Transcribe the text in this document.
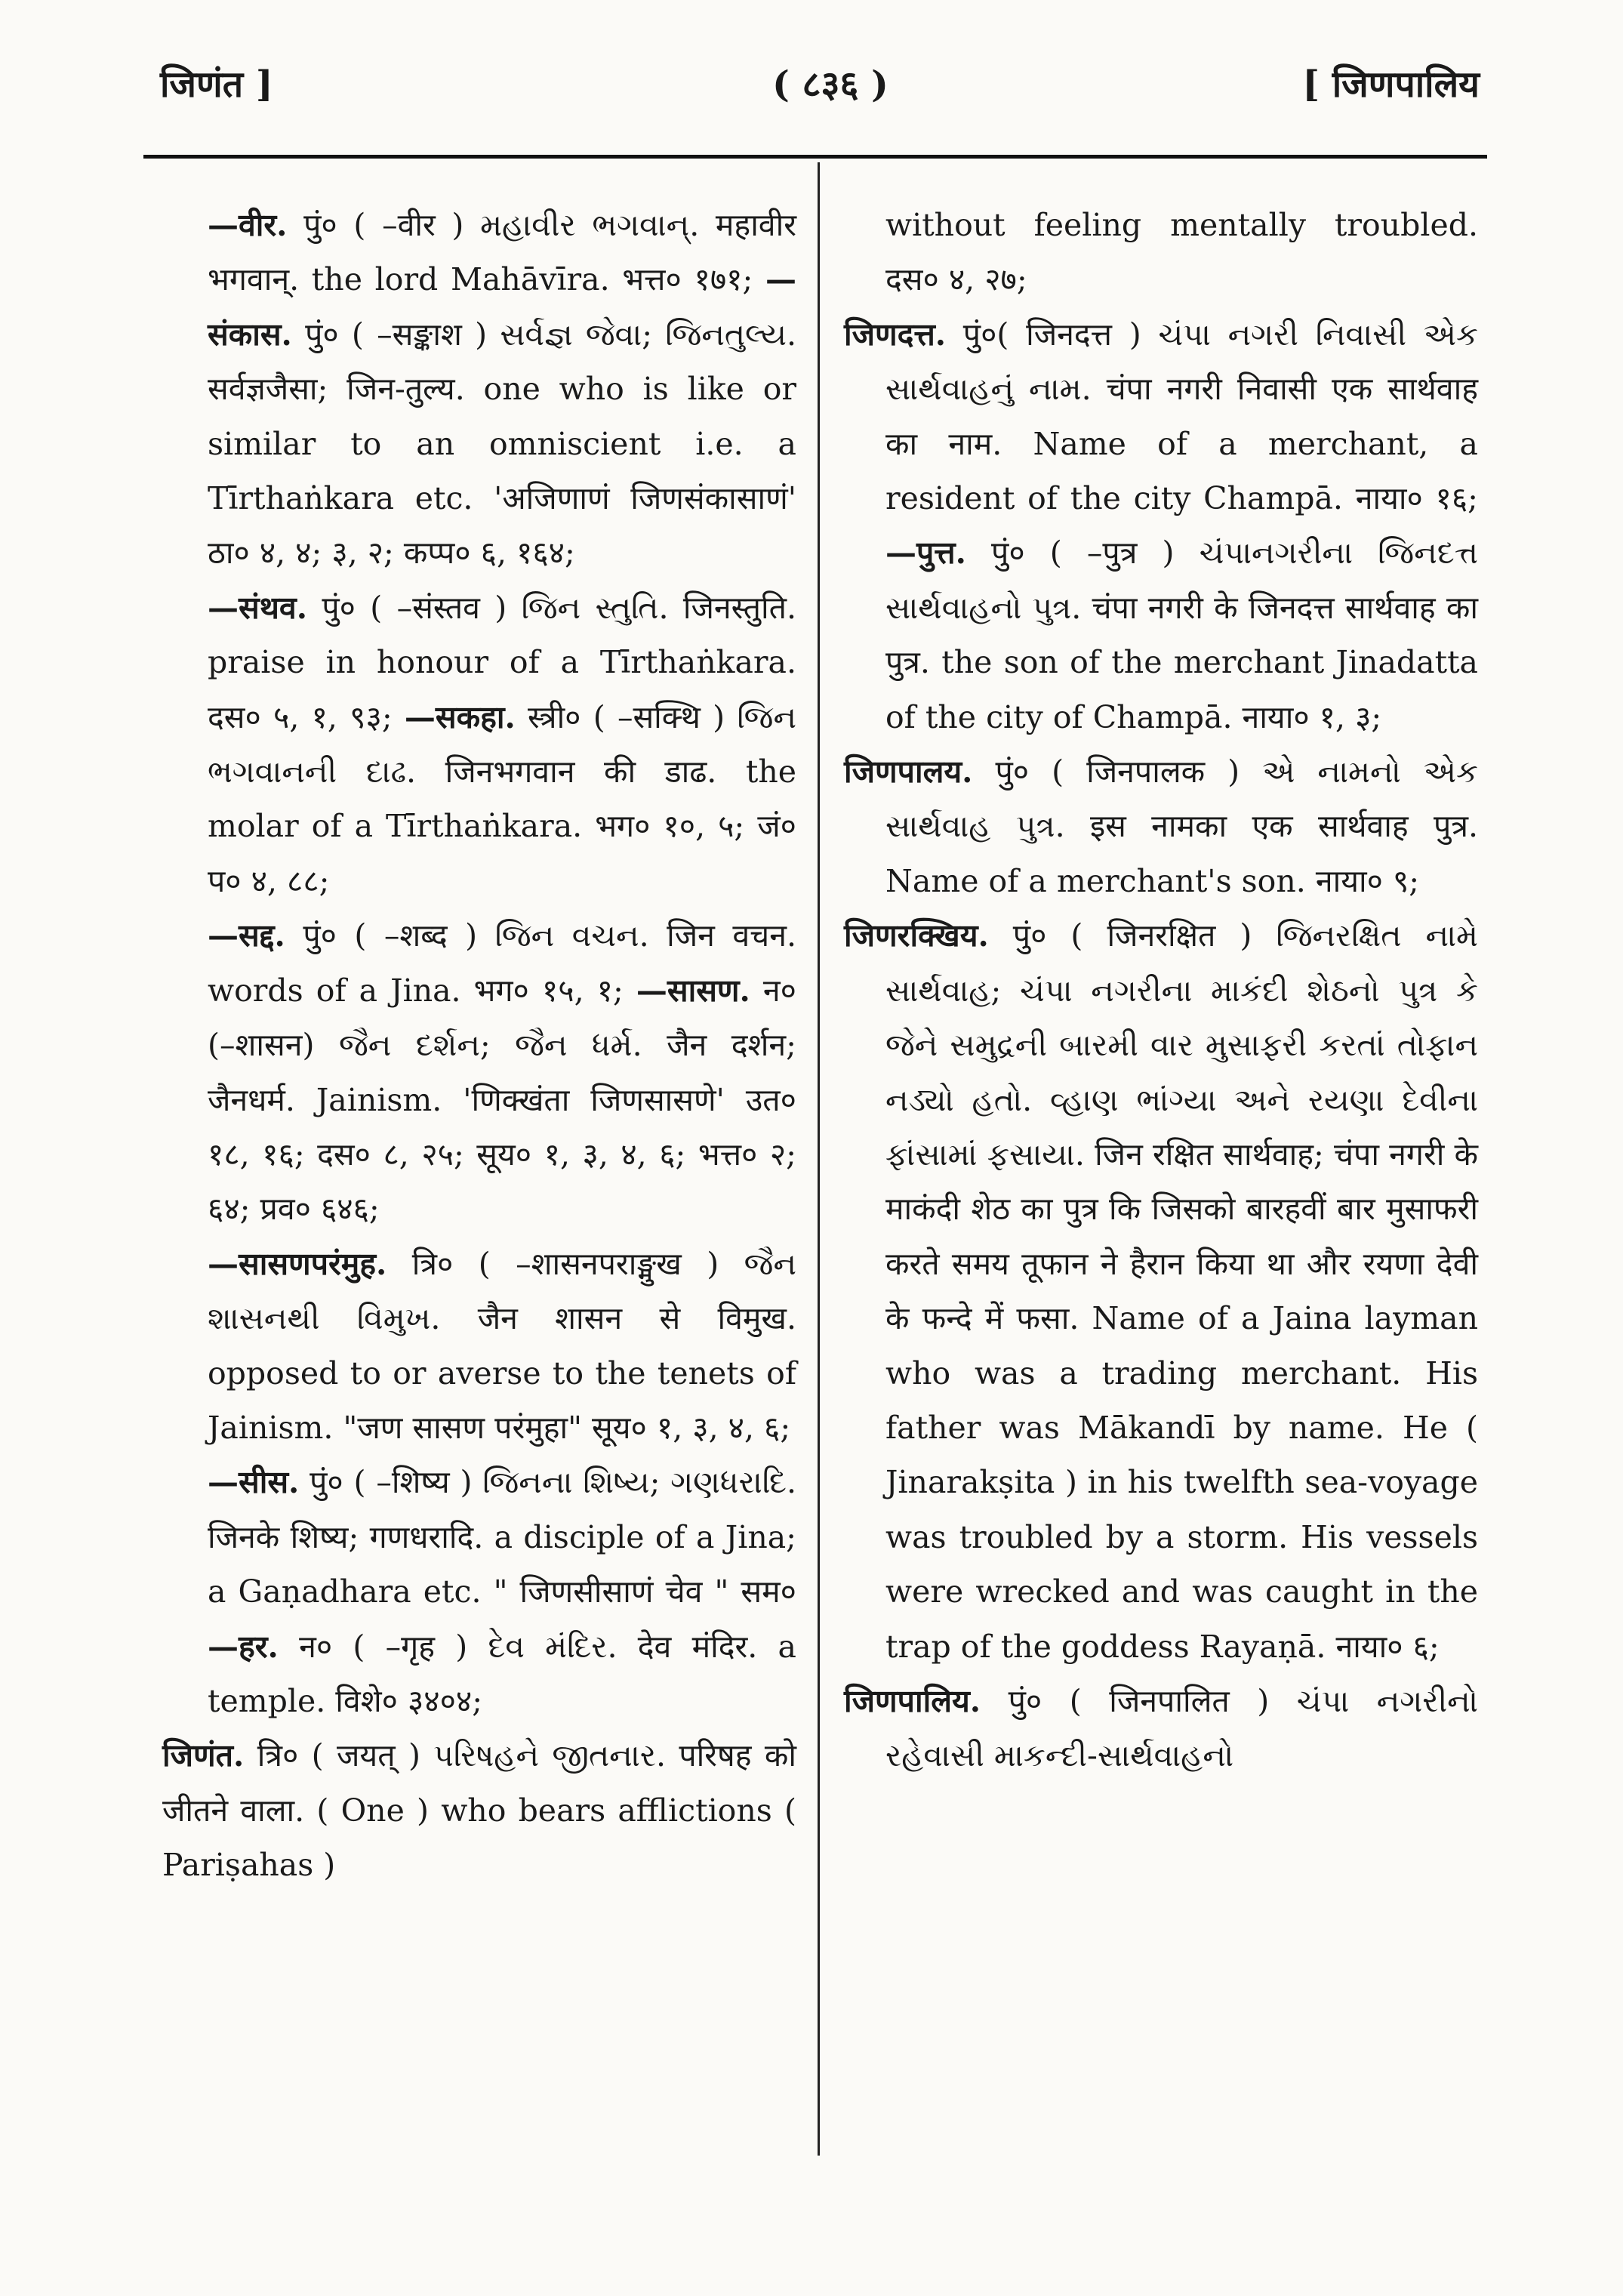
जिणंत ]	( ८३६ )	[ जिणपालिय

—वीर. पुं० ( –वीर ) મહાવીર ભગવાન્. महावीर भगवान्. the lord Mahāvīra. भत्त० १७१; —संकास. पुं० ( –सङ्काश ) સર્વજ્ઞ જેવા; જિનતુલ્ય. सर्वज्ञजैसा; जिन-तुल्य. one who is like or similar to an omniscient i.e. a Tīrthaṅkara etc. 'अजिणाणं जिणसंकासाणं' ठा० ४, ४; ३, २; कप्प० ६, १६४;

—संथव. पुं० ( –संस्तव ) જિન સ્તુતિ. जिनस्तुति. praise in honour of a Tīrthaṅkara. दस० ५, १, ९३; —सकहा. स्त्री० ( –सक्थि ) જિન ભગવાનની દાઢ. जिनभगवान की डाढ. the molar of a Tīrthaṅkara. भग० १०, ५; जं० प० ४, ८८;

—सद्द. पुं० ( –शब्द ) જિન વચન. जिन वचन. words of a Jina. भग० १५, १; —सासण. न० (–शासन) જૈન દર્શન; જૈન ધર્મ. जैन दर्शन; जैनधर्म. Jainism. 'णिक्खंता जिणसासणे' उत० १८, १६; दस० ८, २५; सूय० १, ३, ४, ६; भत्त० २; ६४; प्रव० ६४६;

—सासणपरंमुह. त्रि० ( –शासनपराङ्मुख ) જૈન શાસનથી વિમુખ. जैन शासन से विमुख. opposed to or averse to the tenets of Jainism. "जण सासण परंमुहा" सूय० १, ३, ४, ६;

—सीस. पुं० ( –शिष्य ) જિનના શિષ્ય; ગણધરાદિ. जिनके शिष्य; गणधरादि. a disciple of a Jina; a Gaṇadhara etc. " जिणसीसाणं चेव " सम० —हर. न० ( –गृह ) દેવ મંદિર. देव मंदिर. a temple. विशे० ३४०४;

जिणंत. त्रि० ( जयत् ) પરિષહને જીતનાર. परिषह को जीतने वाला. ( One ) who bears afflictions ( Pariṣahas )

without feeling mentally troubled. दस० ४, २७;

जिणदत्त. पुं०( जिनदत्त ) ચંપા નગરી નિવાસી એક સાર્થવાહનું નામ. चंपा नगरी निवासी एक सार्थवाह का नाम. Name of a merchant, a resident of the city Champā. नाया० १६; —पुत्त. पुं० ( –पुत्र ) ચંપાનગરીના જિનદત્ત સાર્થવાહનો પુત્ર. चंपा नगरी के जिनदत्त सार्थवाह का पुत्र. the son of the merchant Jinadatta of the city of Champā. नाया० १, ३;

जिणपालय. पुं० ( जिनपालक ) એ નામનો એક સાર્થવાહ પુત્ર. इस नामका एक सार्थवाह पुत्र. Name of a merchant's son. नाया० ९;

जिणरक्खिय. पुं० ( जिनरक्षित ) જિનરક્ષિત નામે સાર્થવાહ; ચંપા નગરીના માકંદી શેઠનો પુત્ર કે જેને સમુદ્રની બારમી વાર મુસાફરી કરતાં તોફાન નડ્યો હતો. વ્હાણ ભાંગ્યા અને રયણા દેવીના ફાંસામાં ફસાયા. जिन रक्षित सार्थवाह; चंपा नगरी के माकंदी शेठ का पुत्र कि जिसको बारहवीं बार मुसाफरी करते समय तूफान ने हैरान किया था और रयणा देवी के फन्दे में फसा. Name of a Jaina layman who was a trading merchant. His father was Mākandī by name. He ( Jinarakṣita ) in his twelfth sea-voyage was troubled by a storm. His vessels were wrecked and was caught in the trap of the goddess Rayaṇā. नाया० ६;

जिणपालिय. पुं० ( जिनपालित ) ચંપા નગરીનો રહેવાસી માકન્દી-સાર્થવાહનો
